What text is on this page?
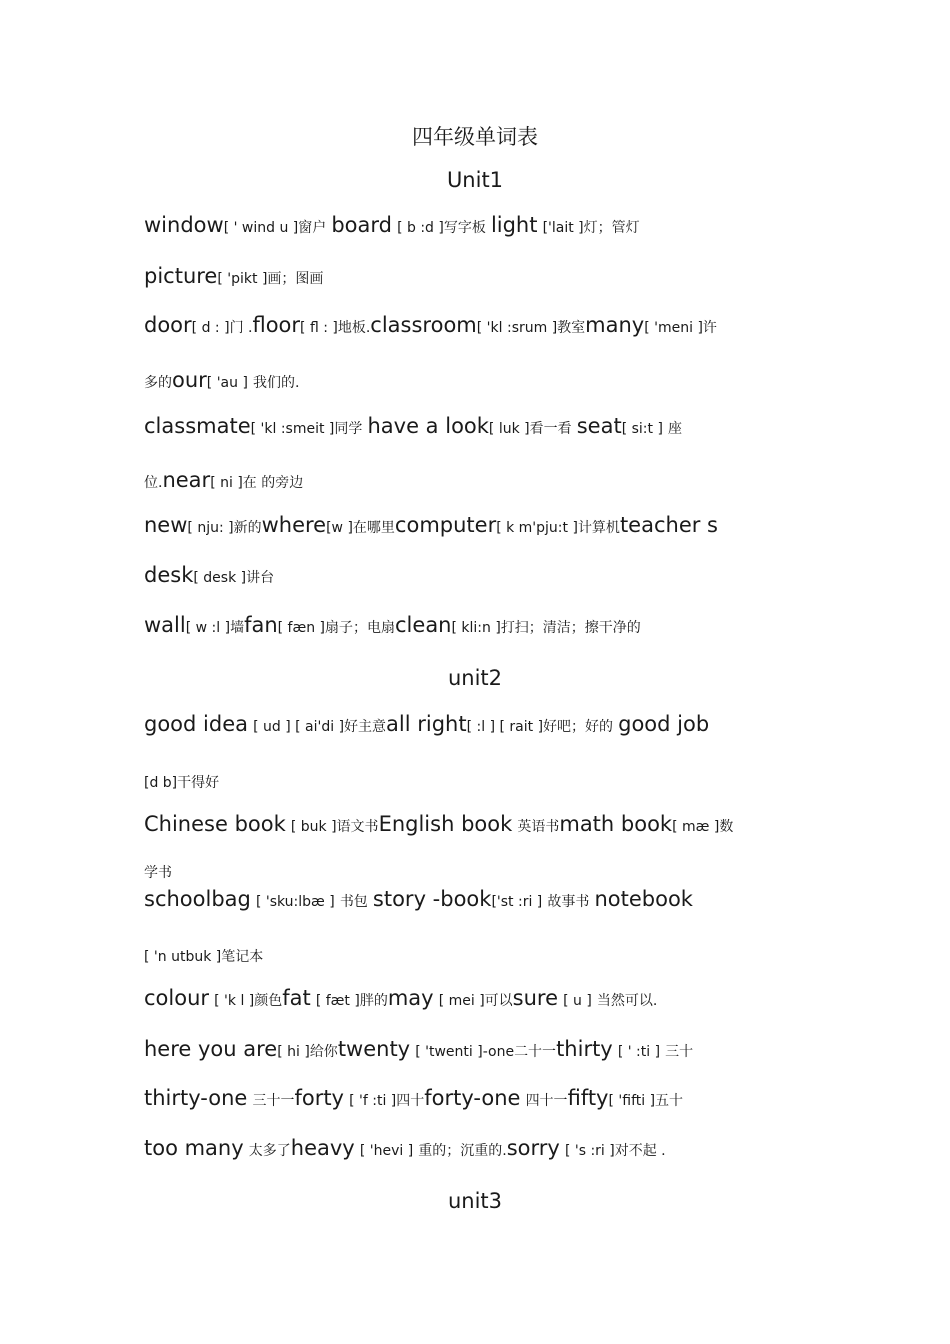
四年级单词表
Unit1
window[ ' wind u ]窗户 board [ b :d ]写字板 light ['lait ]灯；管灯
picture[ 'pikt ]画；图画
door[ d : ]门 .floor[ fl : ]地板.classroom[ 'kl :srum ]教室many[ 'meni ]许
多的our[ 'au ] 我们的.
classmate[ 'kl :smeit ]同学 have a look[ luk ]看一看 seat[ si:t ] 座
位.near[ ni ]在 的旁边
new[ nju: ]新的where[w ]在哪里computer[ k m'pju:t ]计算机teacher s
desk[ desk ]讲台
wall[ w :l ]墙fan[ fæn ]扇子；电扇clean[ kli:n ]打扫；清洁；擦干净的
unit2
good idea [ ud ] [ ai'di ]好主意all right[ :l ] [ rait ]好吧；好的 good job
[d b]干得好
Chinese book [ buk ]语文书English book 英语书math book[ mæ ]数
学书
schoolbag [ 'sku:lbæ ] 书包 story -book['st :ri ] 故事书 notebook
[ 'n utbuk ]笔记本
colour [ 'k l ]颜色fat [ fæt ]胖的may [ mei ]可以sure [ u ] 当然可以.
here you are[ hi ]给你twenty [ 'twenti ]-one二十一thirty [ ' :ti ] 三十
thirty-one 三十一forty [ 'f :ti ]四十forty-one 四十一fifty[ 'fifti ]五十
too many 太多了heavy [ 'hevi ] 重的；沉重的.sorry [ 's :ri ]对不起 .
unit3
